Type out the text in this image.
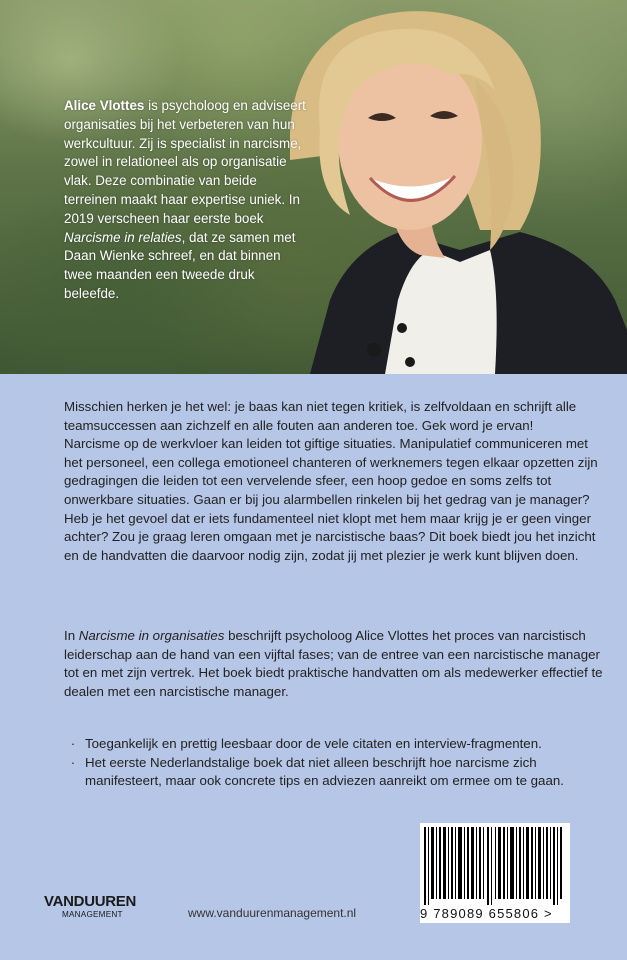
Alice Vlottes is psycholoog en adviseert organisaties bij het verbeteren van hun werkcultuur. Zij is specialist in narcisme, zowel in relationeel als op organisatie vlak. Deze combinatie van beide terreinen maakt haar expertise uniek. In 2019 verscheen haar eerste boek Narcisme in relaties, dat ze samen met Daan Wienke schreef, en dat binnen twee maanden een tweede druk beleefde.
Misschien herken je het wel: je baas kan niet tegen kritiek, is zelfvoldaan en schrijft alle teamsuccessen aan zichzelf en alle fouten aan anderen toe. Gek word je ervan!
Narcisme op de werkvloer kan leiden tot giftige situaties. Manipulatief communiceren met het personeel, een collega emotioneel chanteren of werknemers tegen elkaar opzetten zijn gedragingen die leiden tot een vervelende sfeer, een hoop gedoe en soms zelfs tot onwerkbare situaties. Gaan er bij jou alarmbellen rinkelen bij het gedrag van je manager? Heb je het gevoel dat er iets fundamenteel niet klopt met hem maar krijg je er geen vinger achter? Zou je graag leren omgaan met je narcistische baas? Dit boek biedt jou het inzicht en de handvatten die daarvoor nodig zijn, zodat jij met plezier je werk kunt blijven doen.
In Narcisme in organisaties beschrijft psycholoog Alice Vlottes het proces van narcistisch leiderschap aan de hand van een vijftal fases; van de entree van een narcistische manager tot en met zijn vertrek. Het boek biedt praktische handvatten om als medewerker effectief te dealen met een narcistische manager.
· Toegankelijk en prettig leesbaar door de vele citaten en interview-fragmenten.
· Het eerste Nederlandstalige boek dat niet alleen beschrijft hoe narcisme zich manifesteert, maar ook concrete tips en adviezen aanreikt om ermee om te gaan.
VANDUUREN
MANAGEMENT	www.vanduurenmanagement.nl	9 789089 655806 >
